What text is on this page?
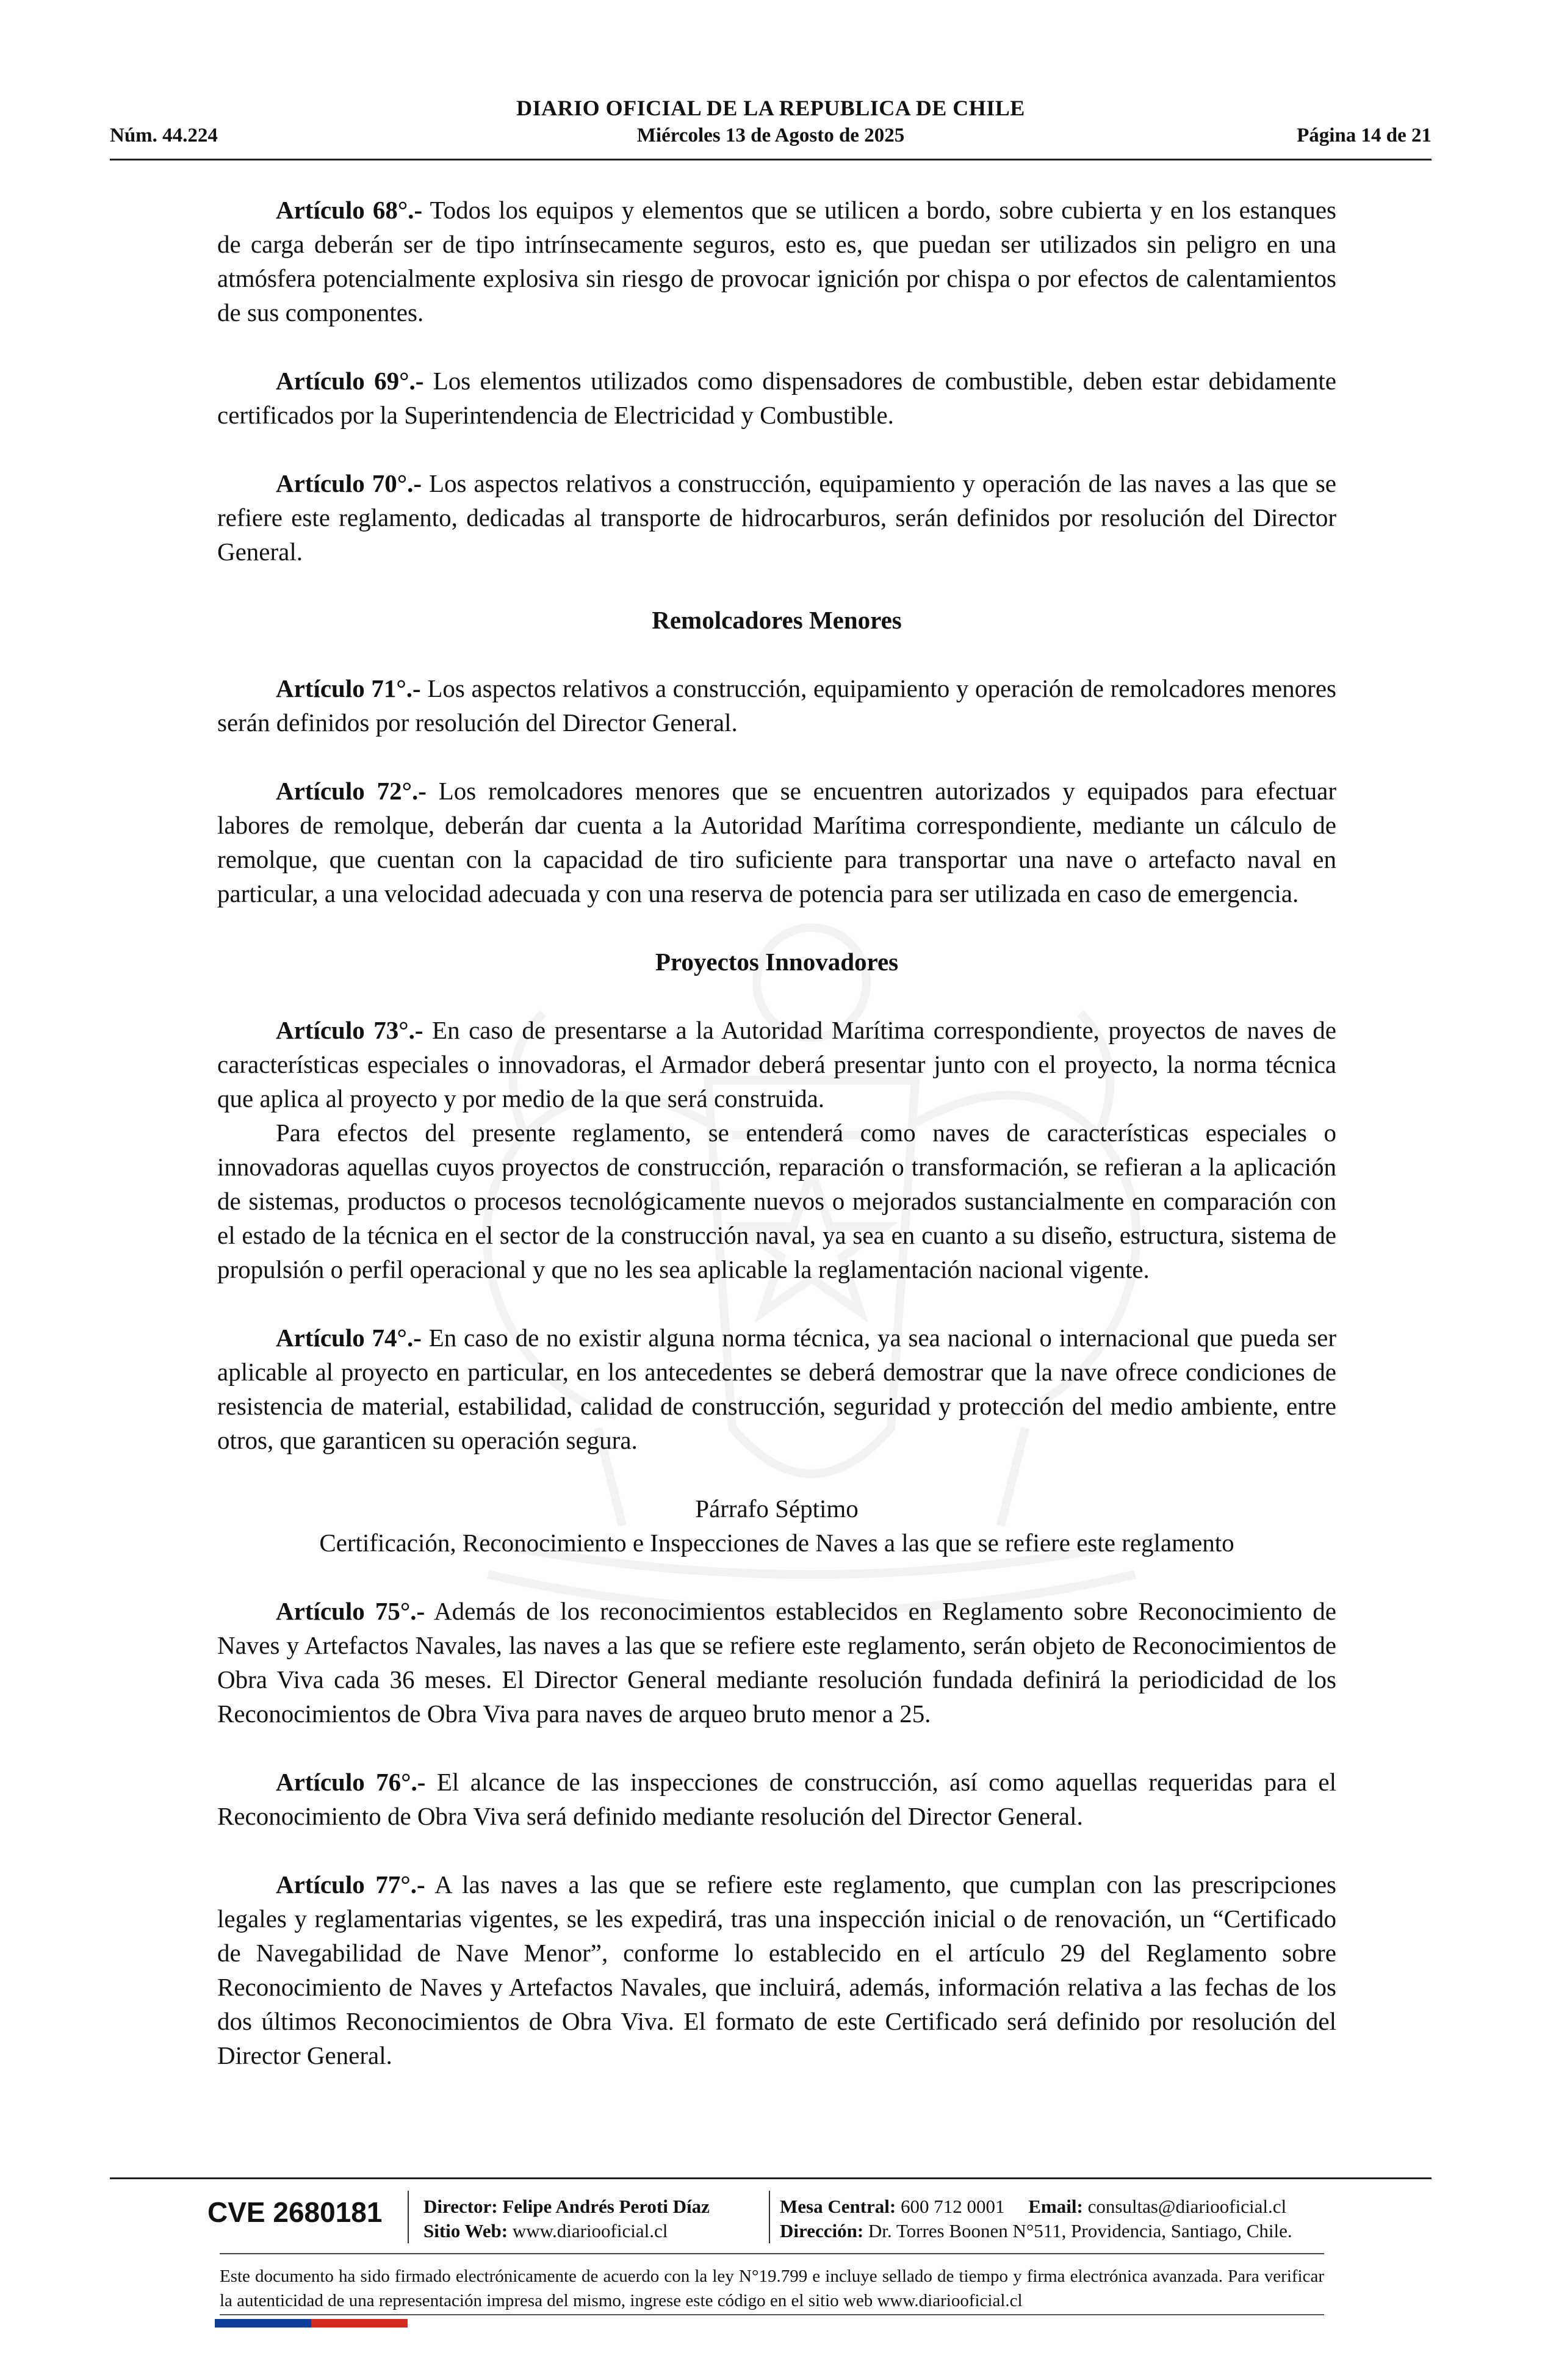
DIARIO OFICIAL DE LA REPUBLICA DE CHILE
Núm. 44.224	Miércoles 13 de Agosto de 2025	Página 14 de 21

Artículo 68°.- Todos los equipos y elementos que se utilicen a bordo, sobre cubierta y en los estanques de carga deberán ser de tipo intrínsecamente seguros, esto es, que puedan ser utilizados sin peligro en una atmósfera potencialmente explosiva sin riesgo de provocar ignición por chispa o por efectos de calentamientos de sus componentes.

Artículo 69°.- Los elementos utilizados como dispensadores de combustible, deben estar debidamente certificados por la Superintendencia de Electricidad y Combustible.

Artículo 70°.- Los aspectos relativos a construcción, equipamiento y operación de las naves a las que se refiere este reglamento, dedicadas al transporte de hidrocarburos, serán definidos por resolución del Director General.

Remolcadores Menores

Artículo 71°.- Los aspectos relativos a construcción, equipamiento y operación de remolcadores menores serán definidos por resolución del Director General.

Artículo 72°.- Los remolcadores menores que se encuentren autorizados y equipados para efectuar labores de remolque, deberán dar cuenta a la Autoridad Marítima correspondiente, mediante un cálculo de remolque, que cuentan con la capacidad de tiro suficiente para transportar una nave o artefacto naval en particular, a una velocidad adecuada y con una reserva de potencia para ser utilizada en caso de emergencia.

Proyectos Innovadores

Artículo 73°.- En caso de presentarse a la Autoridad Marítima correspondiente, proyectos de naves de características especiales o innovadoras, el Armador deberá presentar junto con el proyecto, la norma técnica que aplica al proyecto y por medio de la que será construida.

Para efectos del presente reglamento, se entenderá como naves de características especiales o innovadoras aquellas cuyos proyectos de construcción, reparación o transformación, se refieran a la aplicación de sistemas, productos o procesos tecnológicamente nuevos o mejorados sustancialmente en comparación con el estado de la técnica en el sector de la construcción naval, ya sea en cuanto a su diseño, estructura, sistema de propulsión o perfil operacional y que no les sea aplicable la reglamentación nacional vigente.

Artículo 74°.- En caso de no existir alguna norma técnica, ya sea nacional o internacional que pueda ser aplicable al proyecto en particular, en los antecedentes se deberá demostrar que la nave ofrece condiciones de resistencia de material, estabilidad, calidad de construcción, seguridad y protección del medio ambiente, entre otros, que garanticen su operación segura.

Párrafo Séptimo
Certificación, Reconocimiento e Inspecciones de Naves a las que se refiere este reglamento

Artículo 75°.- Además de los reconocimientos establecidos en Reglamento sobre Reconocimiento de Naves y Artefactos Navales, las naves a las que se refiere este reglamento, serán objeto de Reconocimientos de Obra Viva cada 36 meses. El Director General mediante resolución fundada definirá la periodicidad de los Reconocimientos de Obra Viva para naves de arqueo bruto menor a 25.

Artículo 76°.- El alcance de las inspecciones de construcción, así como aquellas requeridas para el Reconocimiento de Obra Viva será definido mediante resolución del Director General.

Artículo 77°.- A las naves a las que se refiere este reglamento, que cumplan con las prescripciones legales y reglamentarias vigentes, se les expedirá, tras una inspección inicial o de renovación, un “Certificado de Navegabilidad de Nave Menor”, conforme lo establecido en el artículo 29 del Reglamento sobre Reconocimiento de Naves y Artefactos Navales, que incluirá, además, información relativa a las fechas de los dos últimos Reconocimientos de Obra Viva. El formato de este Certificado será definido por resolución del Director General.

CVE 2680181 Director: Felipe Andrés Peroti Díaz
Sitio Web: www.diariooficial.cl
Mesa Central: 600 712 0001 Email: consultas@diariooficial.cl
Dirección: Dr. Torres Boonen N°511, Providencia, Santiago, Chile.
Este documento ha sido firmado electrónicamente de acuerdo con la ley N°19.799 e incluye sellado de tiempo y firma electrónica avanzada. Para verificar la autenticidad de una representación impresa del mismo, ingrese este código en el sitio web www.diariooficial.cl
